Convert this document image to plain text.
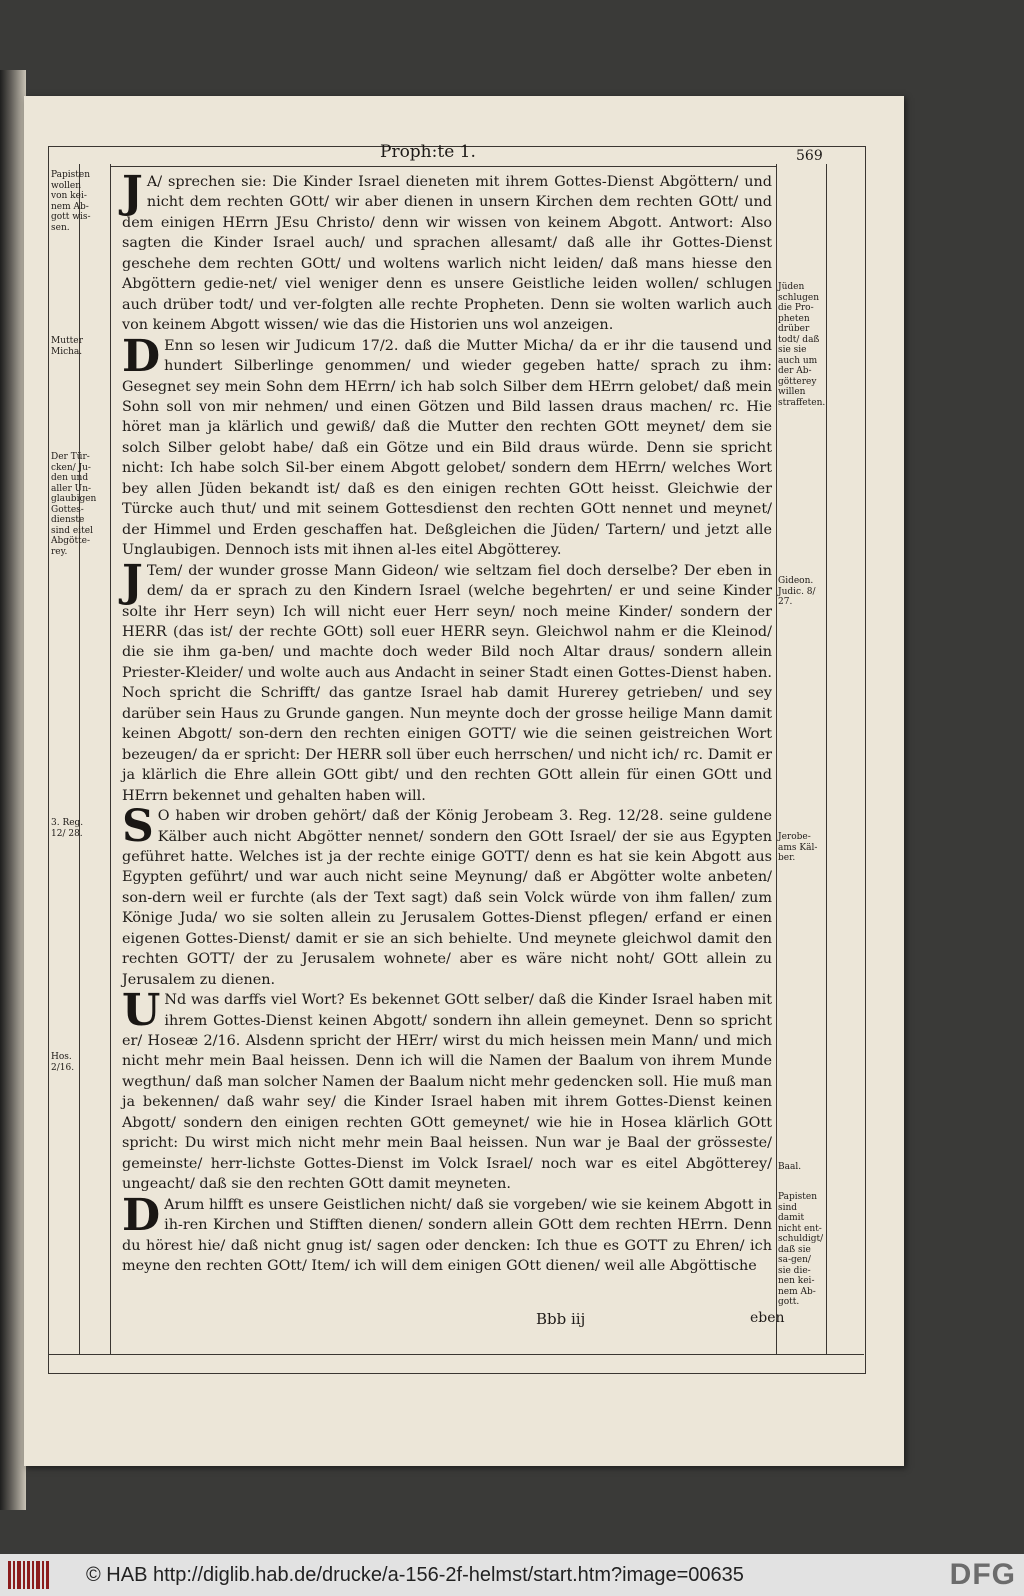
Proph:te 1.	569

J A/ sprechen sie: Die Kinder Israel dieneten mit ihrem Gottes-Dienst Abgöttern/ und nicht dem rechten GOtt/ wir aber dienen in unsern Kirchen dem rechten GOtt/ und dem einigen HErrn JEsu Christo/ denn wir wissen von keinem Abgott. Antwort: Also sagten die Kinder Israel auch/ und sprachen allesamt/ daß alle ihr Gottes-Dienst geschehe dem rechten GOtt/ und woltens warlich nicht leiden/ daß mans hiesse den Abgöttern gedie-net/ viel weniger denn es unsere Geistliche leiden wollen/ schlugen auch drüber todt/ und ver-folgten alle rechte Propheten. Denn sie wolten warlich auch von keinem Abgott wissen/ wie das die Historien uns wol anzeigen.

D Enn so lesen wir Judicum 17/2. daß die Mutter Micha/ da er ihr die tausend und hundert Silberlinge genommen/ und wieder gegeben hatte/ sprach zu ihm: Gesegnet sey mein Sohn dem HErrn/ ich hab solch Silber dem HErrn gelobet/ daß mein Sohn soll von mir nehmen/ und einen Götzen und Bild lassen draus machen/ rc. Hie höret man ja klärlich und gewiß/ daß die Mutter den rechten GOtt meynet/ dem sie solch Silber gelobt habe/ daß ein Götze und ein Bild draus würde. Denn sie spricht nicht: Ich habe solch Sil-ber einem Abgott gelobet/ sondern dem HErrn/ welches Wort bey allen Jüden bekandt ist/ daß es den einigen rechten GOtt heisst. Gleichwie der Türcke auch thut/ und mit seinem Gottesdienst den rechten GOtt nennet und meynet/ der Himmel und Erden geschaffen hat. Deßgleichen die Jüden/ Tartern/ und jetzt alle Unglaubigen. Dennoch ists mit ihnen al-les eitel Abgötterey.

J Tem/ der wunder grosse Mann Gideon/ wie seltzam fiel doch derselbe? Der eben in dem/ da er sprach zu den Kindern Israel (welche begehrten/ er und seine Kinder solte ihr Herr seyn) Ich will nicht euer Herr seyn/ noch meine Kinder/ sondern der HERR (das ist/ der rechte GOtt) soll euer HERR seyn. Gleichwol nahm er die Kleinod/ die sie ihm ga-ben/ und machte doch weder Bild noch Altar draus/ sondern allein Priester-Kleider/ und wolte auch aus Andacht in seiner Stadt einen Gottes-Dienst haben. Noch spricht die Schrifft/ das gantze Israel hab damit Hurerey getrieben/ und sey darüber sein Haus zu Grunde gangen. Nun meynte doch der grosse heilige Mann damit keinen Abgott/ son-dern den rechten einigen GOTT/ wie die seinen geistreichen Wort bezeugen/ da er spricht: Der HERR soll über euch herrschen/ und nicht ich/ rc. Damit er ja klärlich die Ehre allein GOtt gibt/ und den rechten GOtt allein für einen GOtt und HErrn bekennet und gehalten haben will.

S O haben wir droben gehört/ daß der König Jerobeam 3. Reg. 12/28. seine guldene Kälber auch nicht Abgötter nennet/ sondern den GOtt Israel/ der sie aus Egypten geführet hatte. Welches ist ja der rechte einige GOTT/ denn es hat sie kein Abgott aus Egypten geführt/ und war auch nicht seine Meynung/ daß er Abgötter wolte anbeten/ son-dern weil er furchte (als der Text sagt) daß sein Volck würde von ihm fallen/ zum Könige Juda/ wo sie solten allein zu Jerusalem Gottes-Dienst pflegen/ erfand er einen eigenen Gottes-Dienst/ damit er sie an sich behielte. Und meynete gleichwol damit den rechten GOTT/ der zu Jerusalem wohnete/ aber es wäre nicht noht/ GOtt allein zu Jerusalem zu dienen.

U Nd was darffs viel Wort? Es bekennet GOtt selber/ daß die Kinder Israel haben mit ihrem Gottes-Dienst keinen Abgott/ sondern ihn allein gemeynet. Denn so spricht er/ Hoseæ 2/16. Alsdenn spricht der HErr/ wirst du mich heissen mein Mann/ und mich nicht mehr mein Baal heissen. Denn ich will die Namen der Baalum von ihrem Munde wegthun/ daß man solcher Namen der Baalum nicht mehr gedencken soll. Hie muß man ja bekennen/ daß wahr sey/ die Kinder Israel haben mit ihrem Gottes-Dienst keinen Abgott/ sondern den einigen rechten GOtt gemeynet/ wie hie in Hosea klärlich GOtt spricht: Du wirst mich nicht mehr mein Baal heissen. Nun war je Baal der grösseste/ gemeinste/ herr-lichste Gottes-Dienst im Volck Israel/ noch war es eitel Abgötterey/ ungeacht/ daß sie den rechten GOtt damit meyneten.

D Arum hilfft es unsere Geistlichen nicht/ daß sie vorgeben/ wie sie keinem Abgott in ih-ren Kirchen und Stifften dienen/ sondern allein GOtt dem rechten HErrn. Denn du hörest hie/ daß nicht gnug ist/ sagen oder dencken: Ich thue es GOTT zu Ehren/ ich meyne den rechten GOtt/ Item/ ich will dem einigen GOtt dienen/ weil alle Abgöttische

Papisten wollen von kei-nem Ab-gott wis-sen.
Mutter Micha.
Der Tür-cken/ Ju-den und aller Un-glaubigen Gottes-dienste sind eitel Abgötte-rey.
3. Reg. 12/ 28.
Hos. 2/16.
Jüden schlugen die Pro-pheten drüber todt/ daß sie sie auch um der Ab-götterey willen straffeten.
Gideon. Judic. 8/ 27.
Jerobe-ams Käl-ber.
Baal.
Papisten sind damit nicht ent-schuldigt/ daß sie sa-gen/ sie die-nen kei-nem Ab-gott.
Bbb iij	eben
© HAB http://diglib.hab.de/drucke/a-156-2f-helmst/start.htm?image=00635	DFG
